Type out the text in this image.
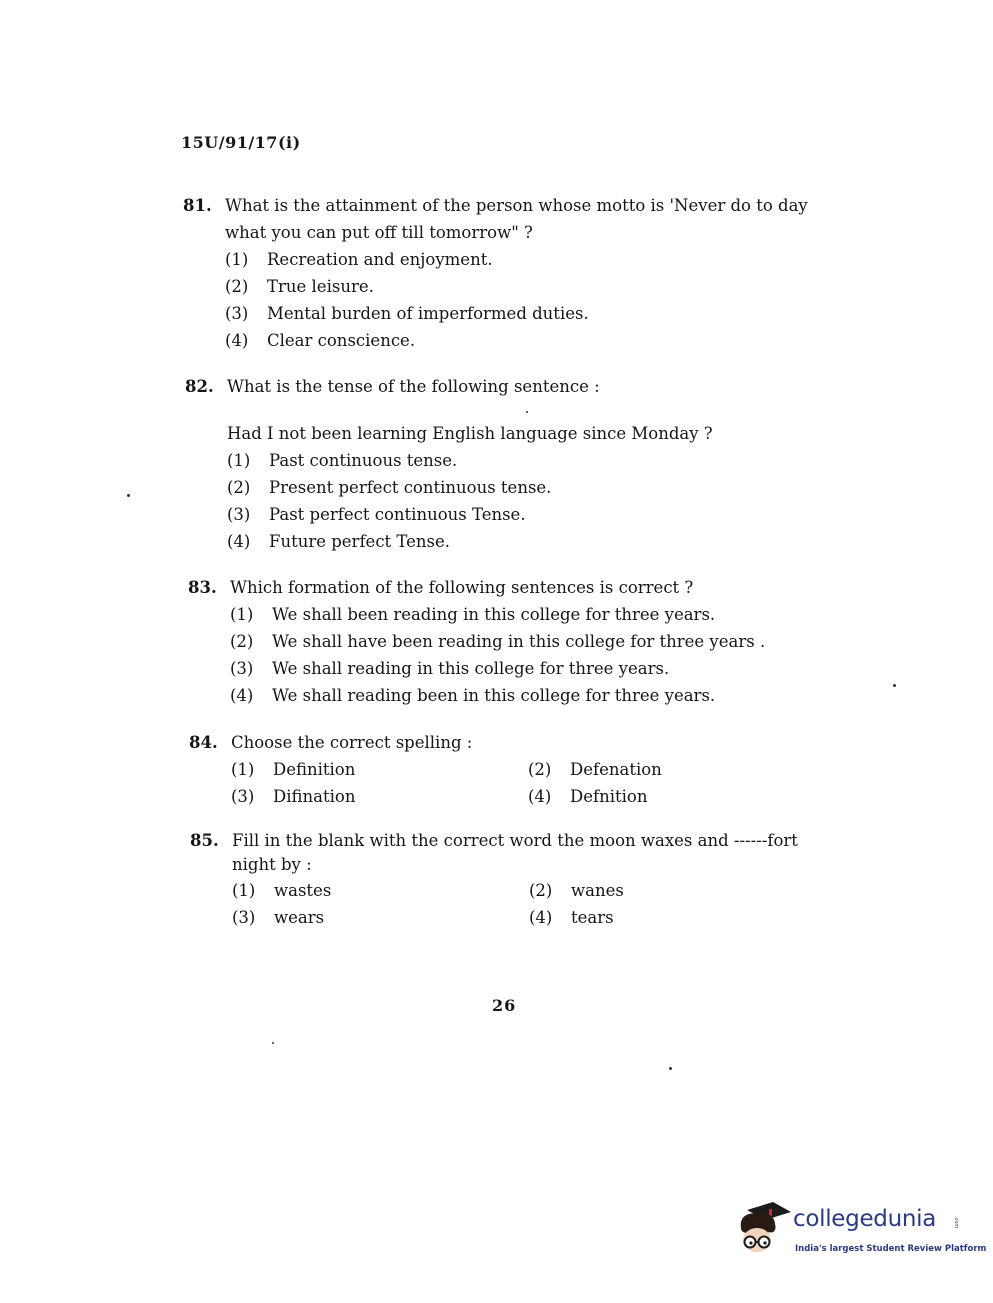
15U/91/17(i)
81. What is the attainment of the person whose motto is 'Never do to day
what you can put off till tomorrow" ?
(1)	Recreation and enjoyment.
(2)	True leisure.
(3)	Mental burden of imperformed duties.
(4)	Clear conscience.
82. What is the tense of the following sentence :
Had I not been learning English language since Monday ?
(1)	Past continuous tense.
(2)	Present perfect continuous tense.
(3)	Past perfect continuous Tense.
(4)	Future perfect Tense.
83. Which formation of the following sentences is correct ?
(1)	We shall been reading in this college for three years.
(2)	We shall have been reading in this college for three years .
(3)	We shall reading in this college for three years.
(4)	We shall reading been in this college for three years.
84. Choose the correct spelling :
(1)	Definition	(2)	Defenation
(3)	Difination	(4)	Defnition
85. Fill in the blank with the correct word the moon waxes and ------fort
night by :
(1)	wastes	(2)	wanes
(3)	wears	(4)	tears
26
collegedunia	.com
India's largest Student Review Platform
